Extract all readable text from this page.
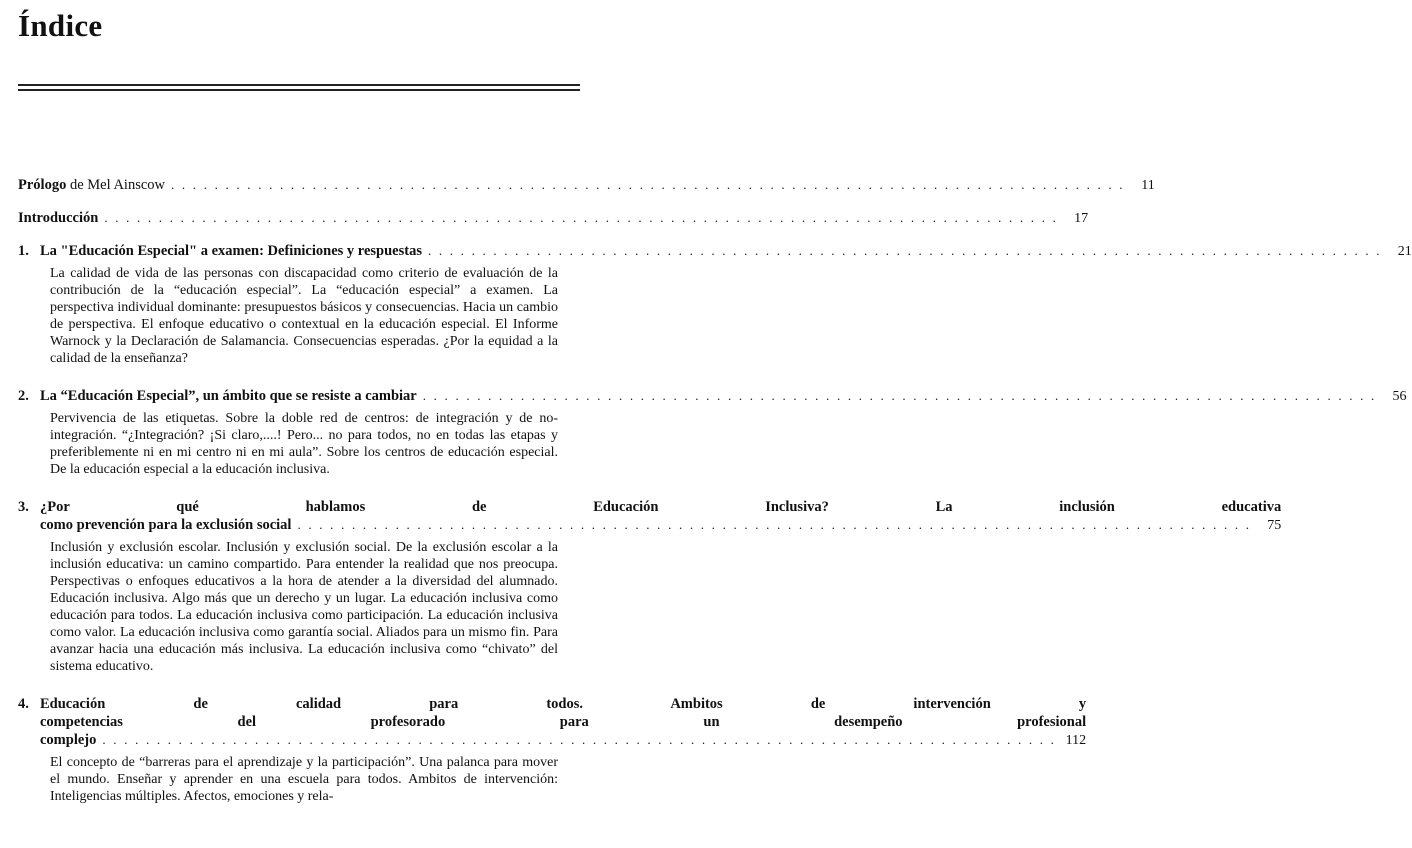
Índice
Prólogo de Mel Ainscow . . .	11
Introducción . . .	17
1. La "Educación Especial" a examen: Definiciones y respuestas . . .	21

La calidad de vida de las personas con discapacidad como criterio de evaluación de la contribución de la “educación especial”. La “educación especial” a examen. La perspectiva individual dominante: presupuestos básicos y consecuencias. Hacia un cambio de perspectiva. El enfoque educativo o contextual en la educación especial. El Informe Warnock y la Declaración de Salamancia. Consecuencias esperadas. ¿Por la equidad a la calidad de la enseñanza?

2. La “Educación Especial”, un ámbito que se resiste a cambiar . . .	56

Pervivencia de las etiquetas. Sobre la doble red de centros: de integración y de no-integración. “¿Integración? ¡Si claro,....! Pero... no para todos, no en todas las etapas y preferiblemente ni en mi centro ni en mi aula”. Sobre los centros de educación especial. De la educación especial a la educación inclusiva.

3. ¿Por qué hablamos de Educación Inclusiva? La inclusión educativa
como prevención para la exclusión social . . .	75

Inclusión y exclusión escolar. Inclusión y exclusión social. De la exclusión escolar a la inclusión educativa: un camino compartido. Para entender la realidad que nos preocupa. Perspectivas o enfoques educativos a la hora de atender a la diversidad del alumnado. Educación inclusiva. Algo más que un derecho y un lugar. La educación inclusiva como educación para todos. La educación inclusiva como participación. La educación inclusiva como valor. La educación inclusiva como garantía social. Aliados para un mismo fin. Para avanzar hacia una educación más inclusiva. La educación inclusiva como “chivato” del sistema educativo.

4. Educación de calidad para todos. Ambitos de intervención y
competencias del profesorado para un desempeño profesional
complejo . . .	112

El concepto de “barreras para el aprendizaje y la participación”. Una palanca para mover el mundo. Enseñar y aprender en una escuela para todos. Ambitos de intervención: Inteligencias múltiples. Afectos, emociones y rela-
